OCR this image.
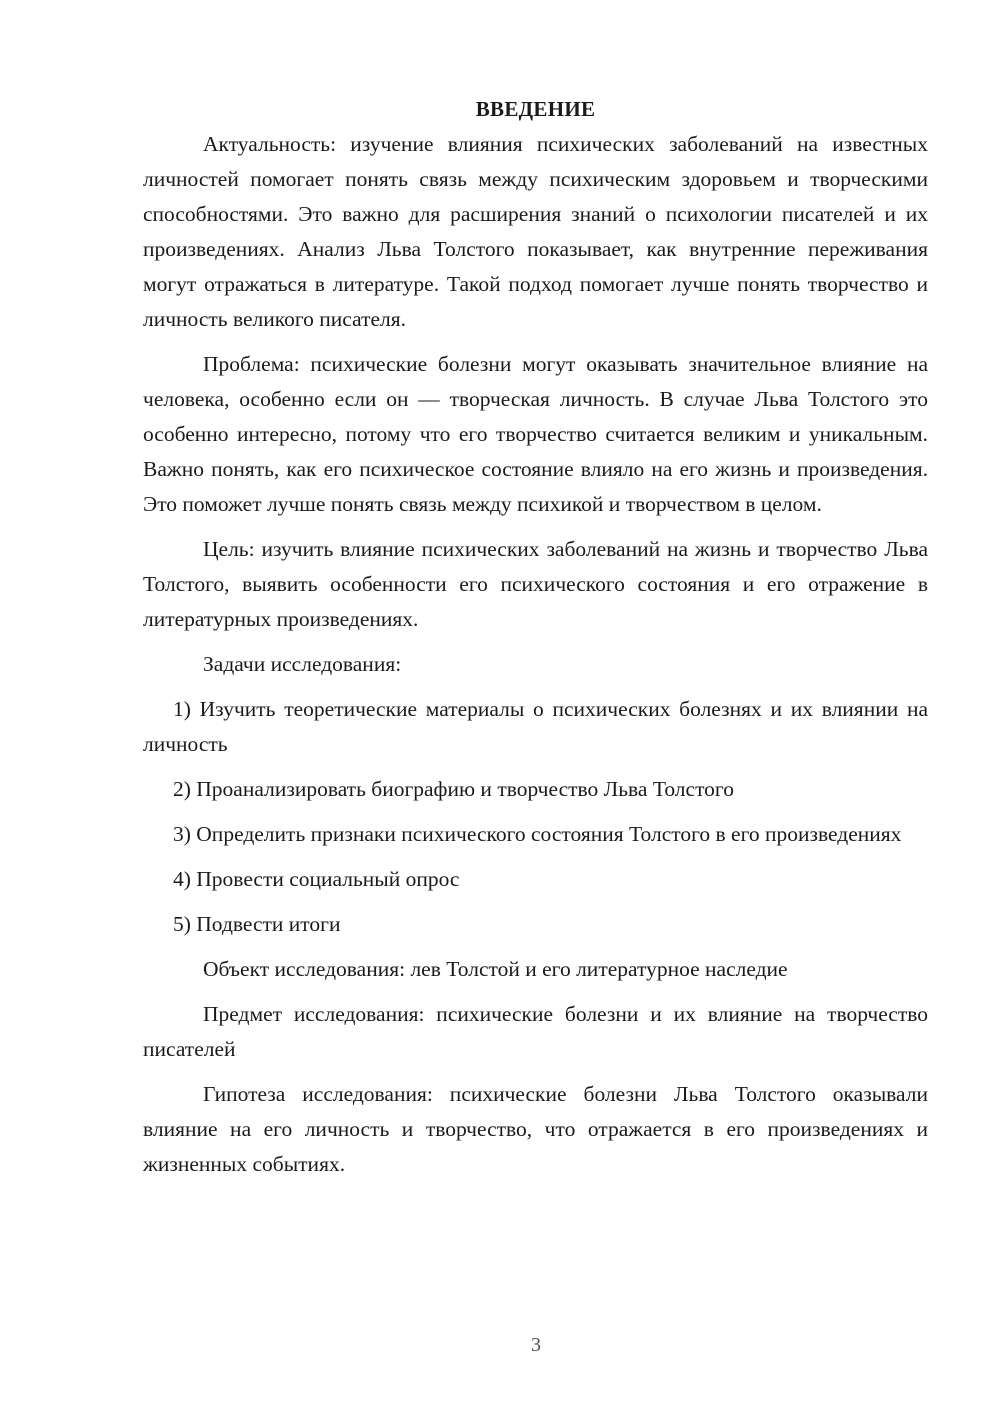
ВВЕДЕНИЕ
Актуальность: изучение влияния психических заболеваний на известных личностей помогает понять связь между психическим здоровьем и творческими способностями. Это важно для расширения знаний о психологии писателей и их произведениях. Анализ Льва Толстого показывает, как внутренние переживания могут отражаться в литературе. Такой подход помогает лучше понять творчество и личность великого писателя.
Проблема: психические болезни могут оказывать значительное влияние на человека, особенно если он — творческая личность. В случае Льва Толстого это особенно интересно, потому что его творчество считается великим и уникальным. Важно понять, как его психическое состояние влияло на его жизнь и произведения. Это поможет лучше понять связь между психикой и творчеством в целом.
Цель: изучить влияние психических заболеваний на жизнь и творчество Льва Толстого, выявить особенности его психического состояния и его отражение в литературных произведениях.
Задачи исследования:
1) Изучить теоретические материалы о психических болезнях и их влиянии на личность
2) Проанализировать биографию и творчество Льва Толстого
3) Определить признаки психического состояния Толстого в его произведениях
4) Провести социальный опрос
5) Подвести итоги
Объект исследования: лев Толстой и его литературное наследие
Предмет исследования: психические болезни и их влияние на творчество писателей
Гипотеза исследования: психические болезни Льва Толстого оказывали влияние на его личность и творчество, что отражается в его произведениях и жизненных событиях.
3
